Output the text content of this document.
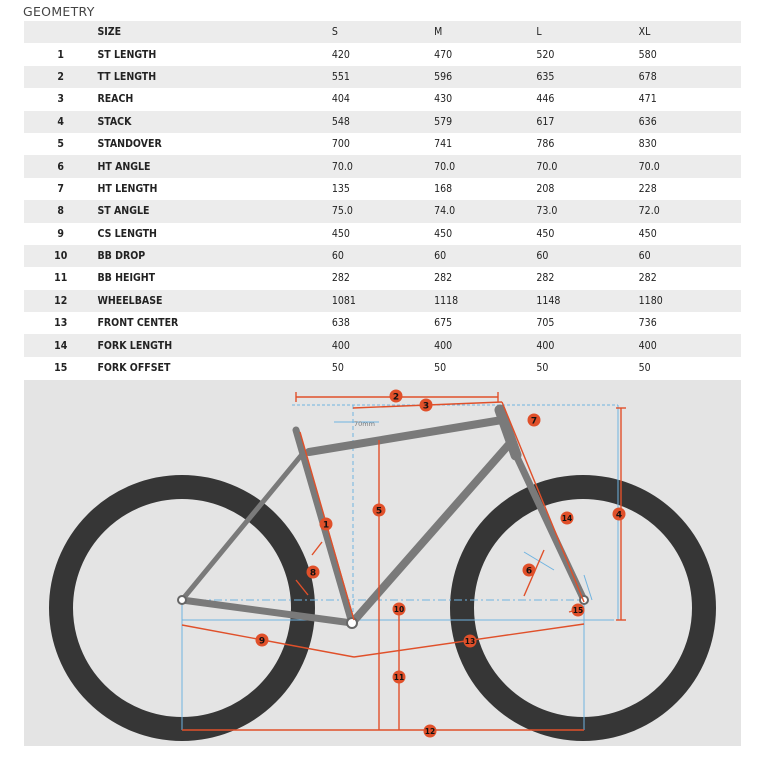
GEOMETRY
	SIZE	S	M	L	XL
1	ST LENGTH	420	470	520	580
2	TT LENGTH	551	596	635	678
3	REACH	404	430	446	471
4	STACK	548	579	617	636
5	STANDOVER	700	741	786	830
6	HT ANGLE	70.0	70.0	70.0	70.0
7	HT LENGTH	135	168	208	228
8	ST ANGLE	75.0	74.0	73.0	72.0
9	CS LENGTH	450	450	450	450
10	BB DROP	60	60	60	60
11	BB HEIGHT	282	282	282	282
12	WHEELBASE	1081	1118	1148	1180
13	FRONT CENTER	638	675	705	736
14	FORK LENGTH	400	400	400	400
15	FORK OFFSET	50	50	50	50
70mm
1
2
3
4
5
6
7
8
9
10
11
12
13
14
15
